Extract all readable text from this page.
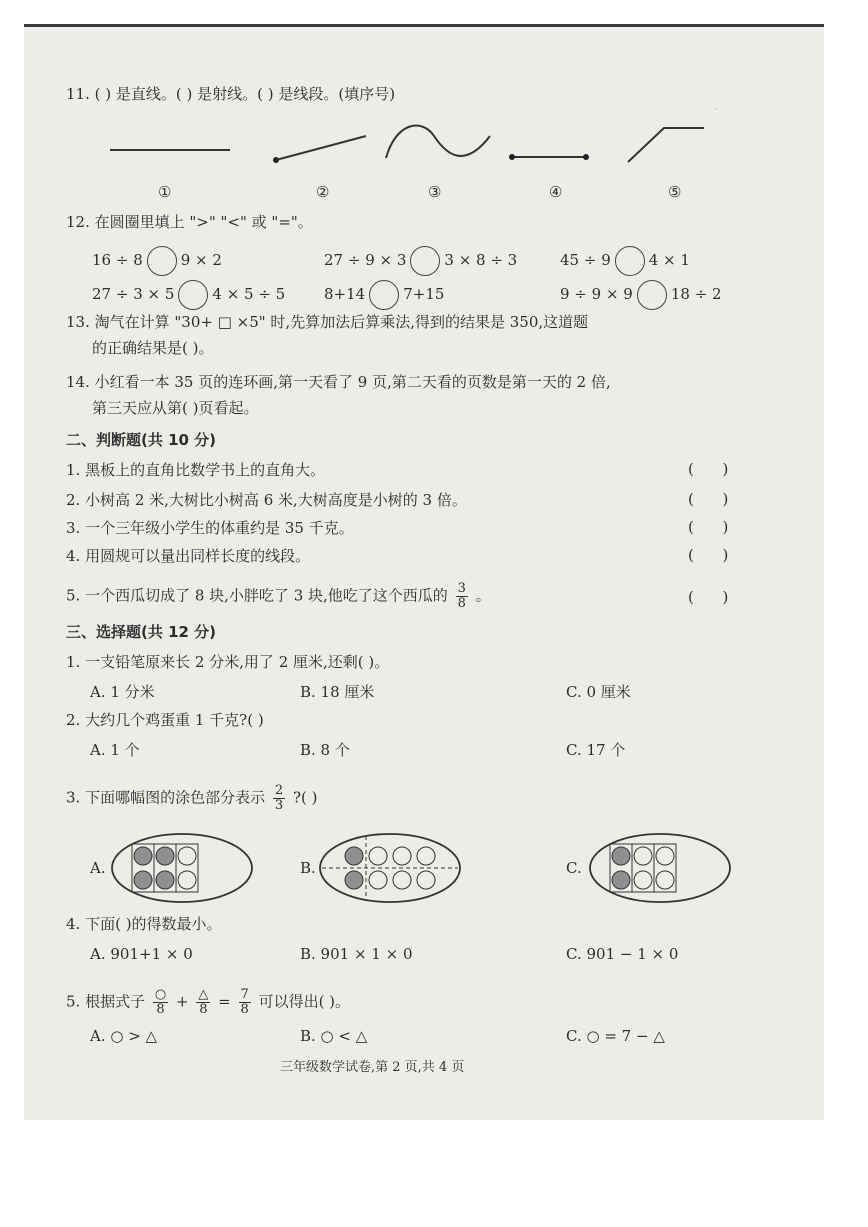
·
11. ( ) 是直线。( ) 是射线。( ) 是线段。(填序号)
①	②	③	④	⑤
12. 在圆圈里填上 ">" "<" 或 "="。
16 ÷ 8	9 × 2	27 ÷ 9 × 3	3 × 8 ÷ 3	45 ÷ 9	4 × 1
27 ÷ 3 × 5	4 × 5 ÷ 5	8+14	7+15	9 ÷ 9 × 9	18 ÷ 2
13. 淘气在计算 "30+ □ ×5" 时,先算加法后算乘法,得到的结果是 350,这道题
的正确结果是( )。
14. 小红看一本 35 页的连环画,第一天看了 9 页,第二天看的页数是第一天的 2 倍,
第三天应从第( )页看起。
二、判断题(共 10 分)
1. 黑板上的直角比数学书上的直角大。	(      )
2. 小树高 2 米,大树比小树高 6 米,大树高度是小树的 3 倍。	(      )
3. 一个三年级小学生的体重约是 35 千克。	(      )
4. 用圆规可以量出同样长度的线段。	(      )
5. 一个西瓜切成了 8 块,小胖吃了 3 块,他吃了这个西瓜的 $\frac{3}{8}$ 。	(      )
三、选择题(共 12 分)
1. 一支铅笔原来长 2 分米,用了 2 厘米,还剩( )。
A. 1 分米	B. 18 厘米	C. 0 厘米
2. 大约几个鸡蛋重 1 千克?( )
A. 1 个	B. 8 个	C. 17 个
3. 下面哪幅图的涂色部分表示 $\frac{2}{3}$ ?( )
A.	B.	C.
4. 下面( )的得数最小。
A. 901+1 × 0	B. 901 × 1 × 0	C. 901 − 1 × 0
5. 根据式子 $\frac{○}{8} + \frac{\triangle}{8} = \frac{7}{8}$ 可以得出( )。
A. ○ > △	B. ○ < △	C. ○ = 7 − △
三年级数学试卷,第 2 页,共 4 页
